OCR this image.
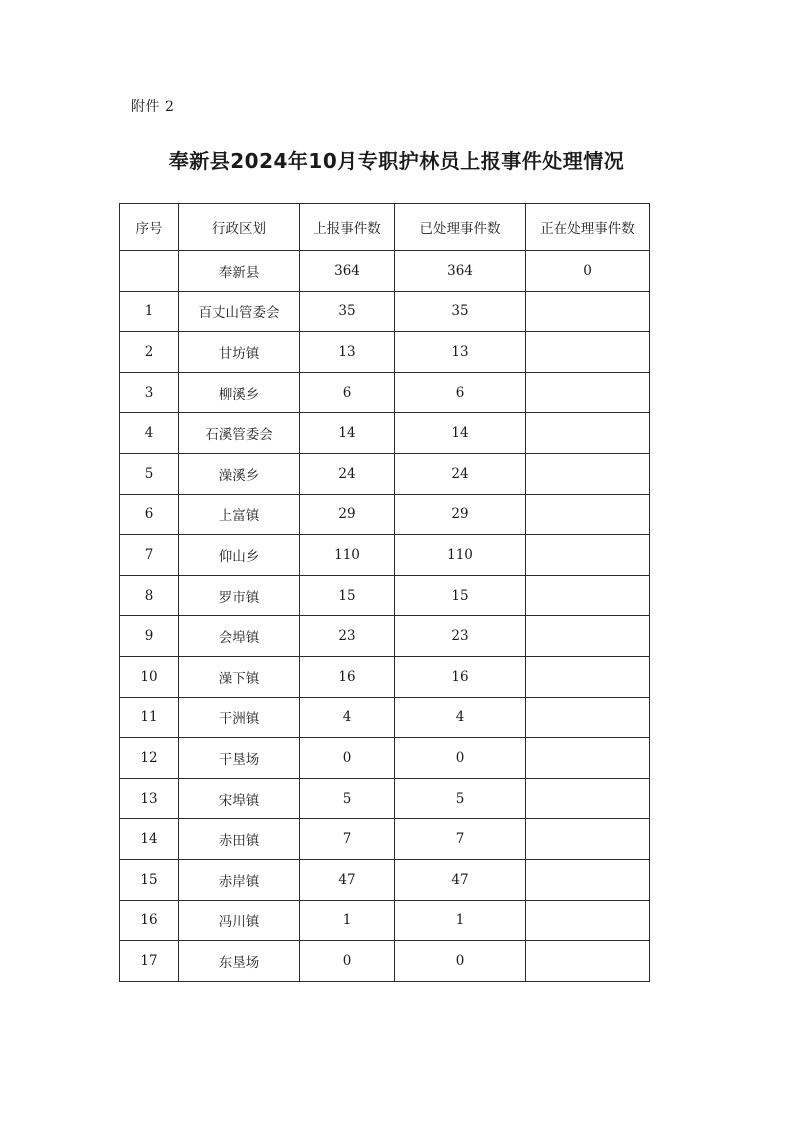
附件 2
奉新县2024年10月专职护林员上报事件处理情况
序号	行政区划	上报事件数	已处理事件数	正在处理事件数
	奉新县	364	364	0
1	百丈山管委会	35	35	
2	甘坊镇	13	13	
3	柳溪乡	6	6	
4	石溪管委会	14	14	
5	澡溪乡	24	24	
6	上富镇	29	29	
7	仰山乡	110	110	
8	罗市镇	15	15	
9	会埠镇	23	23	
10	澡下镇	16	16	
11	干洲镇	4	4	
12	干垦场	0	0	
13	宋埠镇	5	5	
14	赤田镇	7	7	
15	赤岸镇	47	47	
16	冯川镇	1	1	
17	东垦场	0	0	
